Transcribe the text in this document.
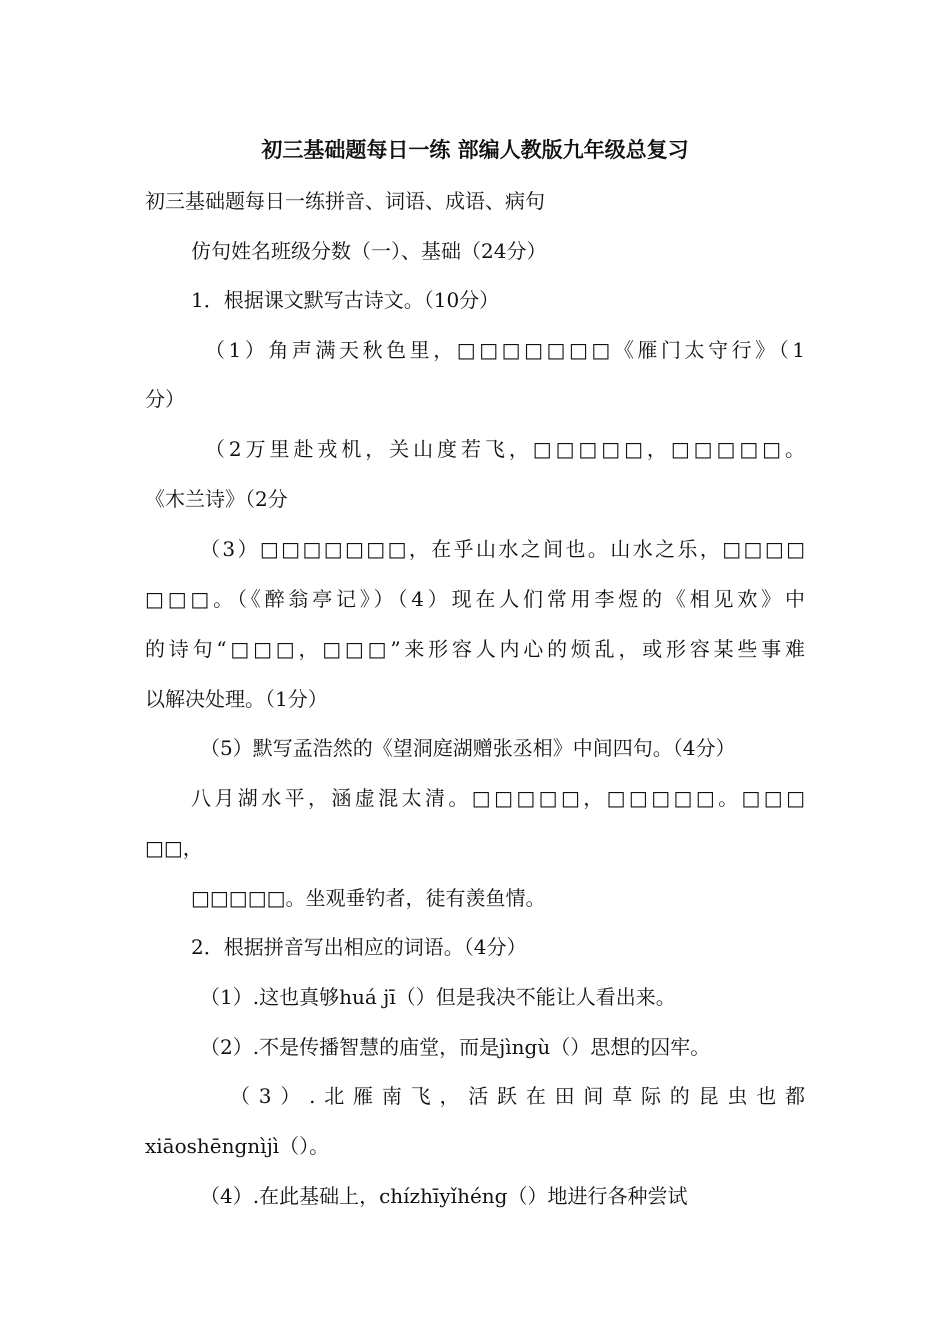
初三基础题每日一练 部编人教版九年级总复习
初三基础题每日一练拼音、词语、成语、病句
仿句姓名班级分数（一）、基础（24分）
1．根据课文默写古诗文。（10分）
（1）角声满天秋色里，□□□□□□□《雁门太守行》（1
分）
（2万里赴戎机，关山度若飞，□□□□□，□□□□□。
《木兰诗》（2分
（3）□□□□□□□，在乎山水之间也。山水之乐，□□□□
□□□。（《醉翁亭记》）（4）现在人们常用李煜的《相见欢》中
的诗句“□□□，□□□”来形容人内心的烦乱，或形容某些事难
以解决处理。（1分）
（5）默写孟浩然的《望洞庭湖赠张丞相》中间四句。（4分）
八月湖水平，涵虚混太清。□□□□□，□□□□□。□□□
□□，
□□□□□。坐观垂钓者，徒有羡鱼情。
2．根据拼音写出相应的词语。（4分）
（1）.这也真够huá jī（）但是我决不能让人看出来。
（2）.不是传播智慧的庙堂，而是jìngù（）思想的囚牢。
（3）.北雁南飞，活跃在田间草际的昆虫也都
xiāoshēngnìjì（）。
（4）.在此基础上，chízhīyǐhéng（）地进行各种尝试
